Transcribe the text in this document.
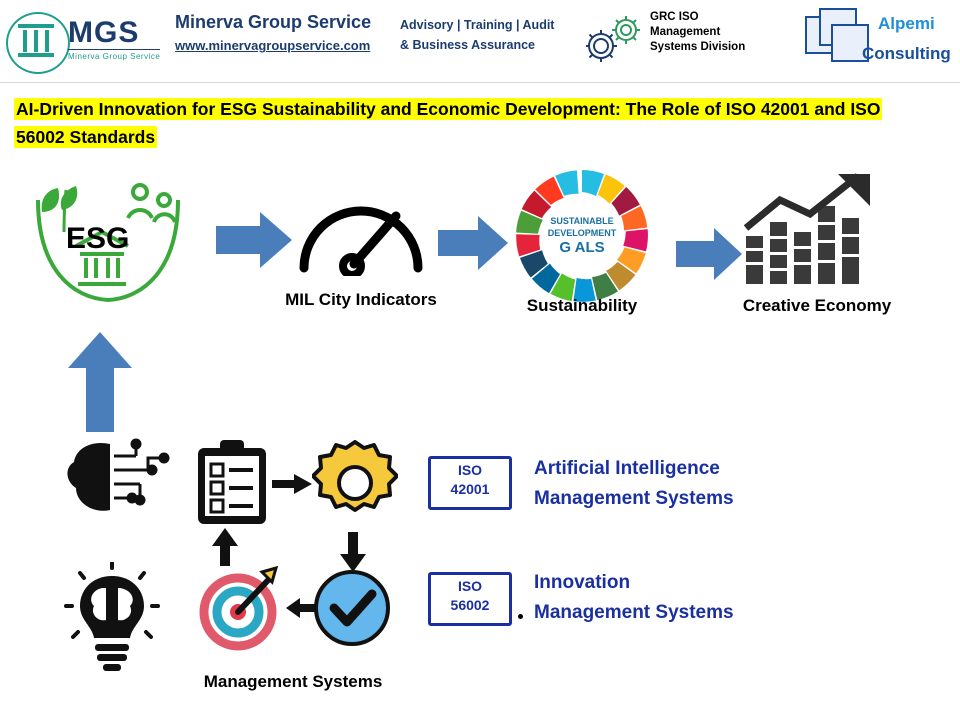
MGS
Minerva Group Service
Minerva Group Service
www.minervagroupservice.com
Advisory | Training | Audit
& Business Assurance
GRC ISO
Management
Systems Division
Alpemi
Consulting
AI-Driven Innovation for ESG Sustainability and Economic Development: The Role of ISO 42001 and ISO 56002 Standards
ESG
MIL City Indicators
SUSTAINABLE
DEVELOPMENT
G ALS
Sustainability	Creative Economy
Management Systems
ISO
42001
Artificial Intelligence
Management Systems
ISO
56002
Innovation
Management Systems
